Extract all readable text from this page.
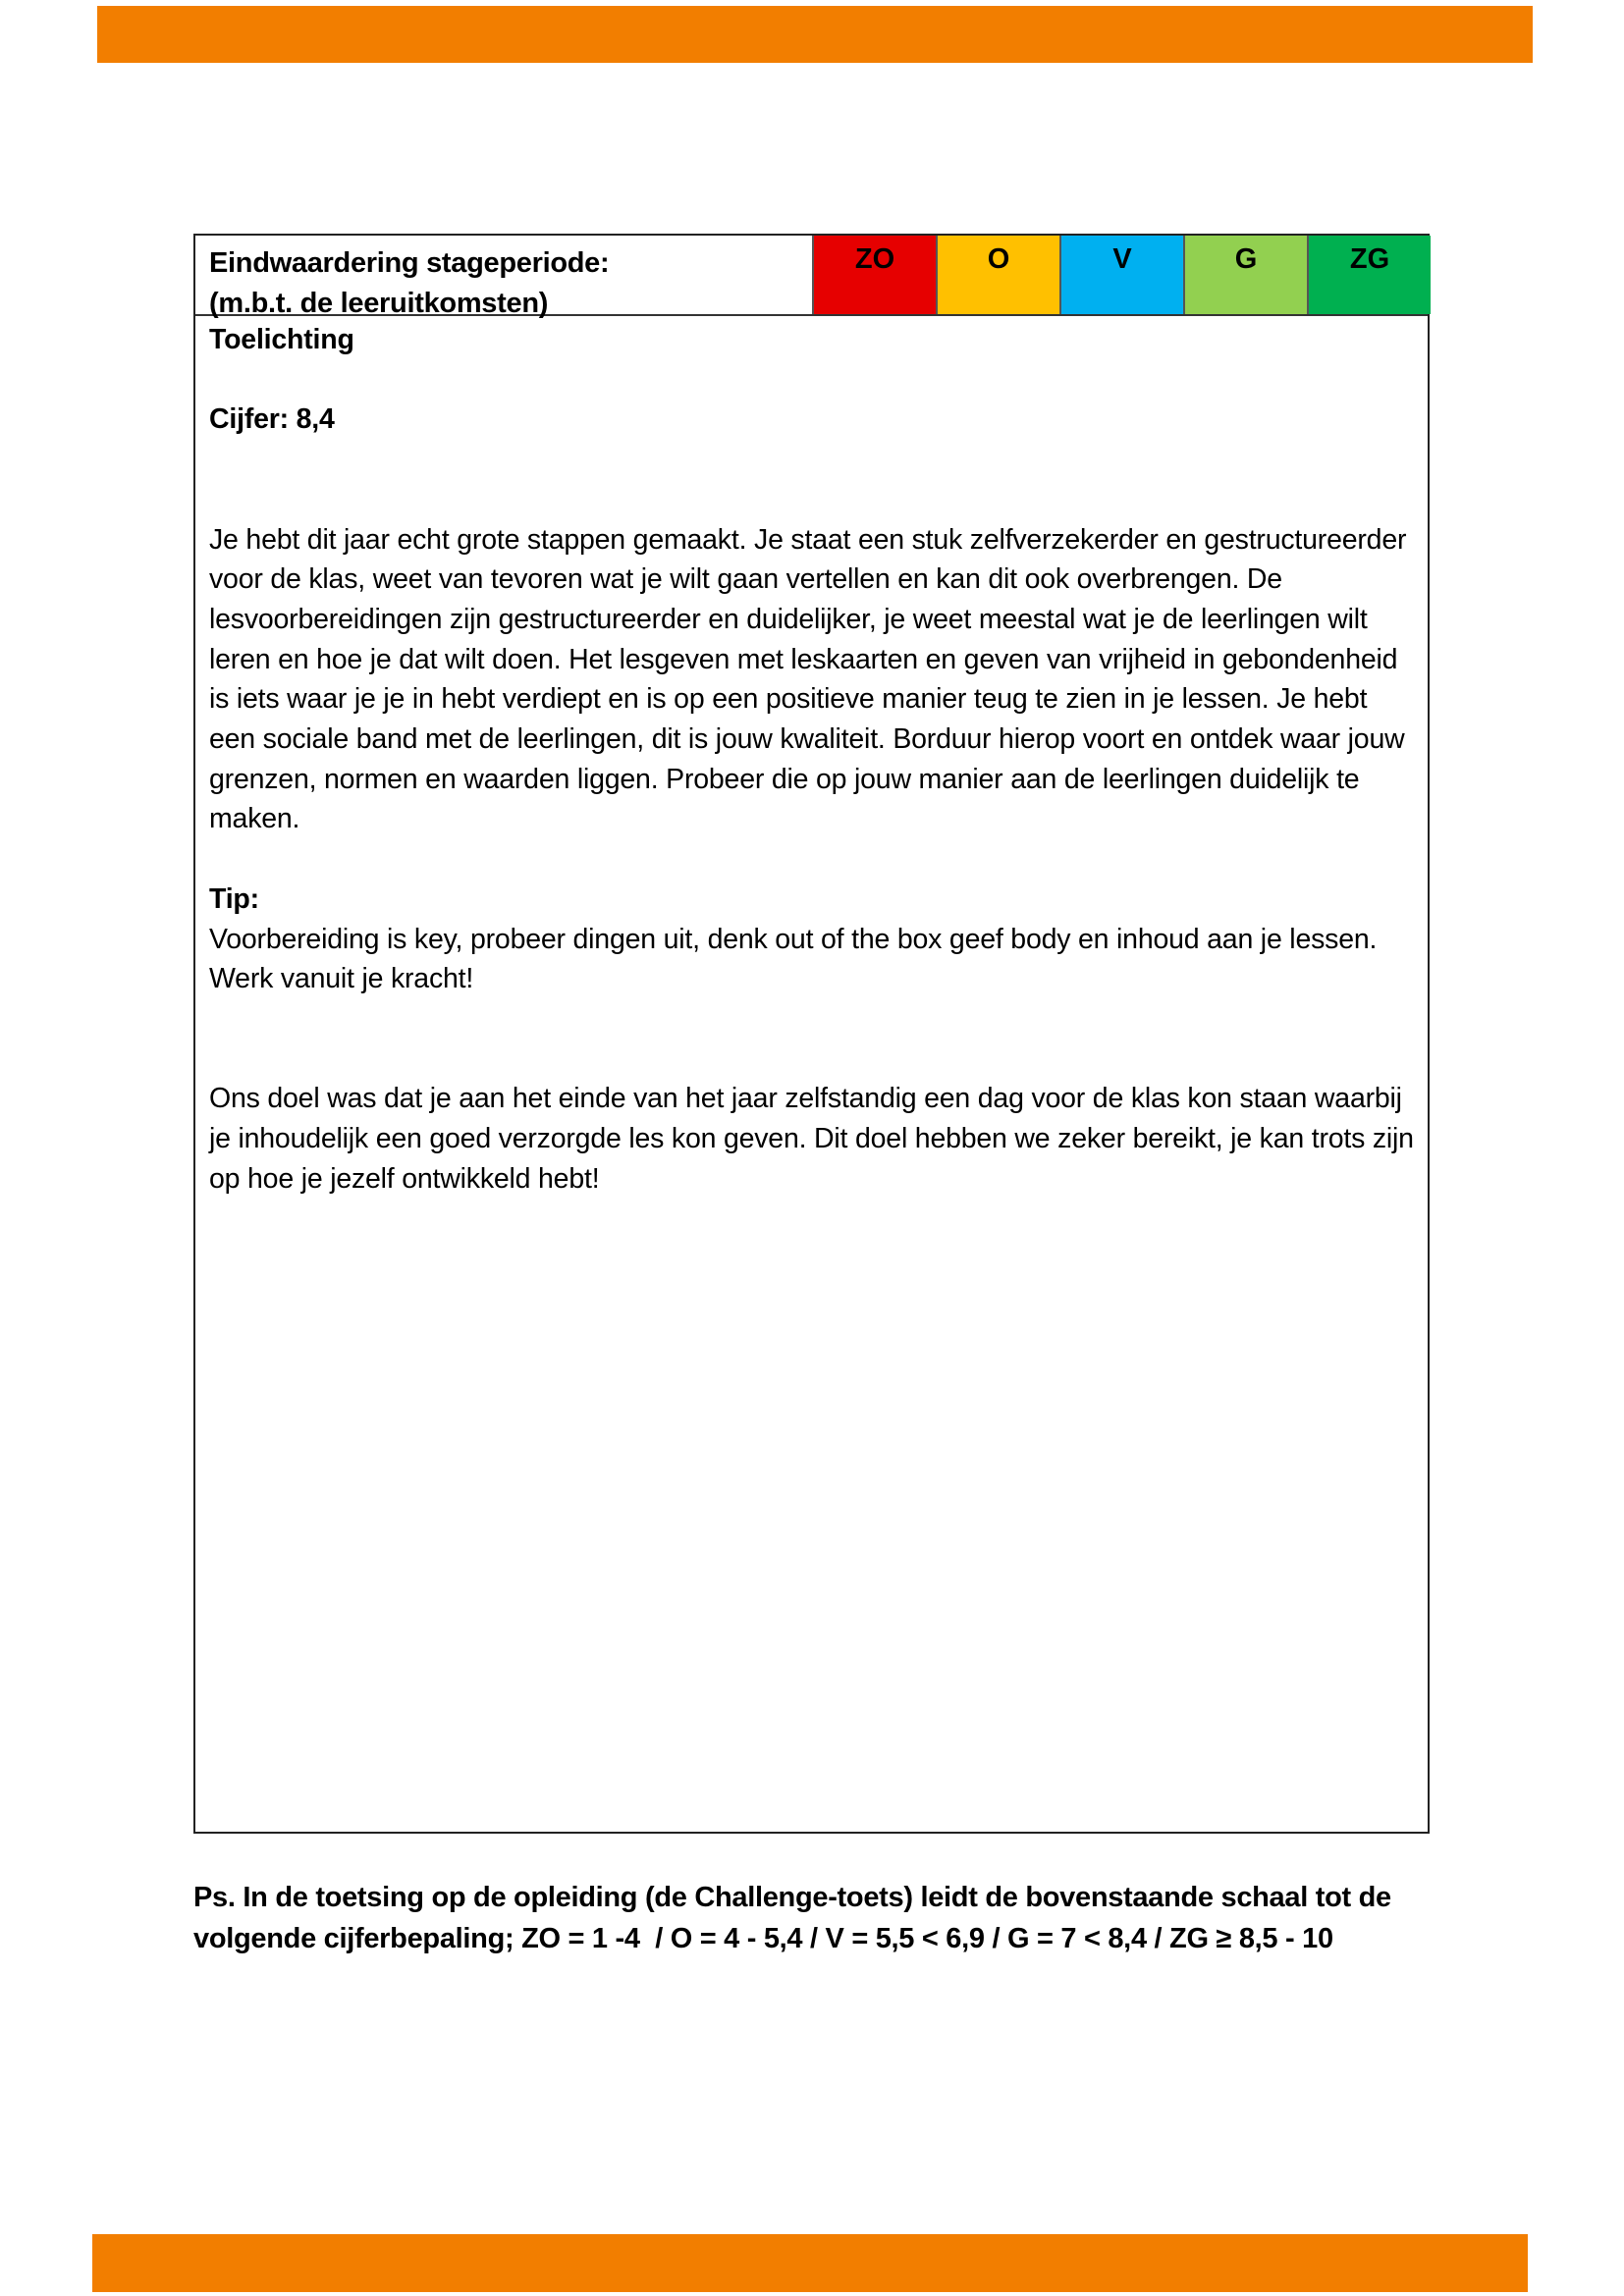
Eindwaardering stageperiode:
(m.b.t. de leeruitkomsten)
ZO	O	V	G	ZG

Toelichting

Cijfer: 8,4

Je hebt dit jaar echt grote stappen gemaakt. Je staat een stuk zelfverzekerder en gestructureerder voor de klas, weet van tevoren wat je wilt gaan vertellen en kan dit ook overbrengen. De lesvoorbereidingen zijn gestructureerder en duidelijker, je weet meestal wat je de leerlingen wilt leren en hoe je dat wilt doen. Het lesgeven met leskaarten en geven van vrijheid in gebondenheid is iets waar je je in hebt verdiept en is op een positieve manier teug te zien in je lessen. Je hebt een sociale band met de leerlingen, dit is jouw kwaliteit. Borduur hierop voort en ontdek waar jouw grenzen, normen en waarden liggen. Probeer die op jouw manier aan de leerlingen duidelijk te maken.

Tip:

Voorbereiding is key, probeer dingen uit, denk out of the box geef body en inhoud aan je lessen. Werk vanuit je kracht!

Ons doel was dat je aan het einde van het jaar zelfstandig een dag voor de klas kon staan waarbij je inhoudelijk een goed verzorgde les kon geven. Dit doel hebben we zeker bereikt, je kan trots zijn op hoe je jezelf ontwikkeld hebt!

Ps. In de toetsing op de opleiding (de Challenge-toets) leidt de bovenstaande schaal tot de
volgende cijferbepaling; ZO = 1 -4  / O = 4 - 5,4 / V = 5,5 < 6,9 / G = 7 < 8,4 / ZG ≥ 8,5 - 10
